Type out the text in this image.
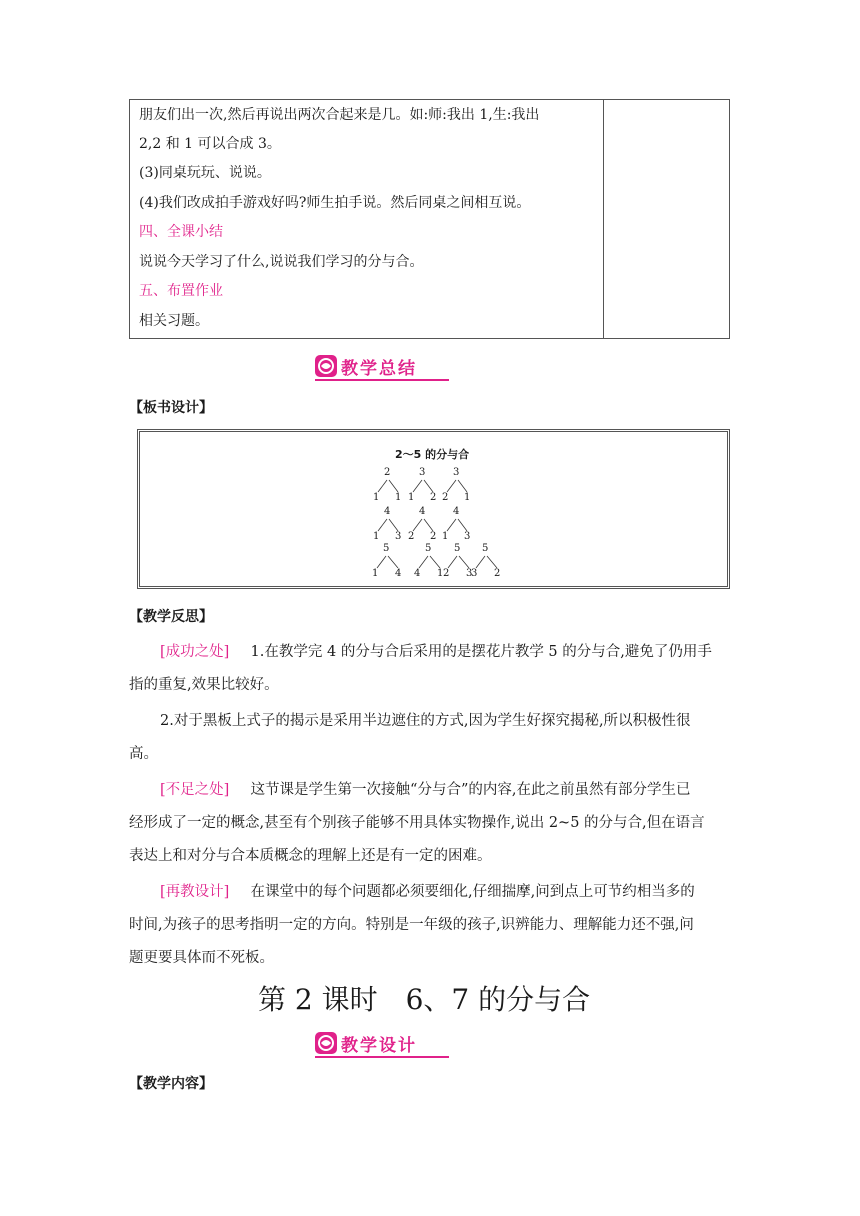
朋友们出一次,然后再说出两次合起来是几。如:师:我出 1,生:我出
2,2 和 1 可以合成 3。
(3)同桌玩玩、说说。
(4)我们改成拍手游戏好吗?师生拍手说。然后同桌之间相互说。
四、全课小结
说说今天学习了什么,说说我们学习的分与合。
五、布置作业
相关习题。
教学总结
【板书设计】
2～5 的分与合
2
1 1
3
1 2
3
2 1
4
1 3
4
2 2
4
1 3
5
1 4
5
4 1
5
2 3
5
3 2
【教学反思】
[成功之处] 1.在教学完 4 的分与合后采用的是摆花片教学 5 的分与合,避免了仍用手
指的重复,效果比较好。
2.对于黑板上式子的揭示是采用半边遮住的方式,因为学生好探究揭秘,所以积极性很
高。
[不足之处] 这节课是学生第一次接触“分与合”的内容,在此之前虽然有部分学生已
经形成了一定的概念,甚至有个别孩子能够不用具体实物操作,说出 2~5 的分与合,但在语言
表达上和对分与合本质概念的理解上还是有一定的困难。
[再教设计] 在课堂中的每个问题都必须要细化,仔细揣摩,问到点上可节约相当多的
时间,为孩子的思考指明一定的方向。特别是一年级的孩子,识辨能力、理解能力还不强,问
题更要具体而不死板。
第 2 课时　6、7 的分与合
教学设计
【教学内容】
